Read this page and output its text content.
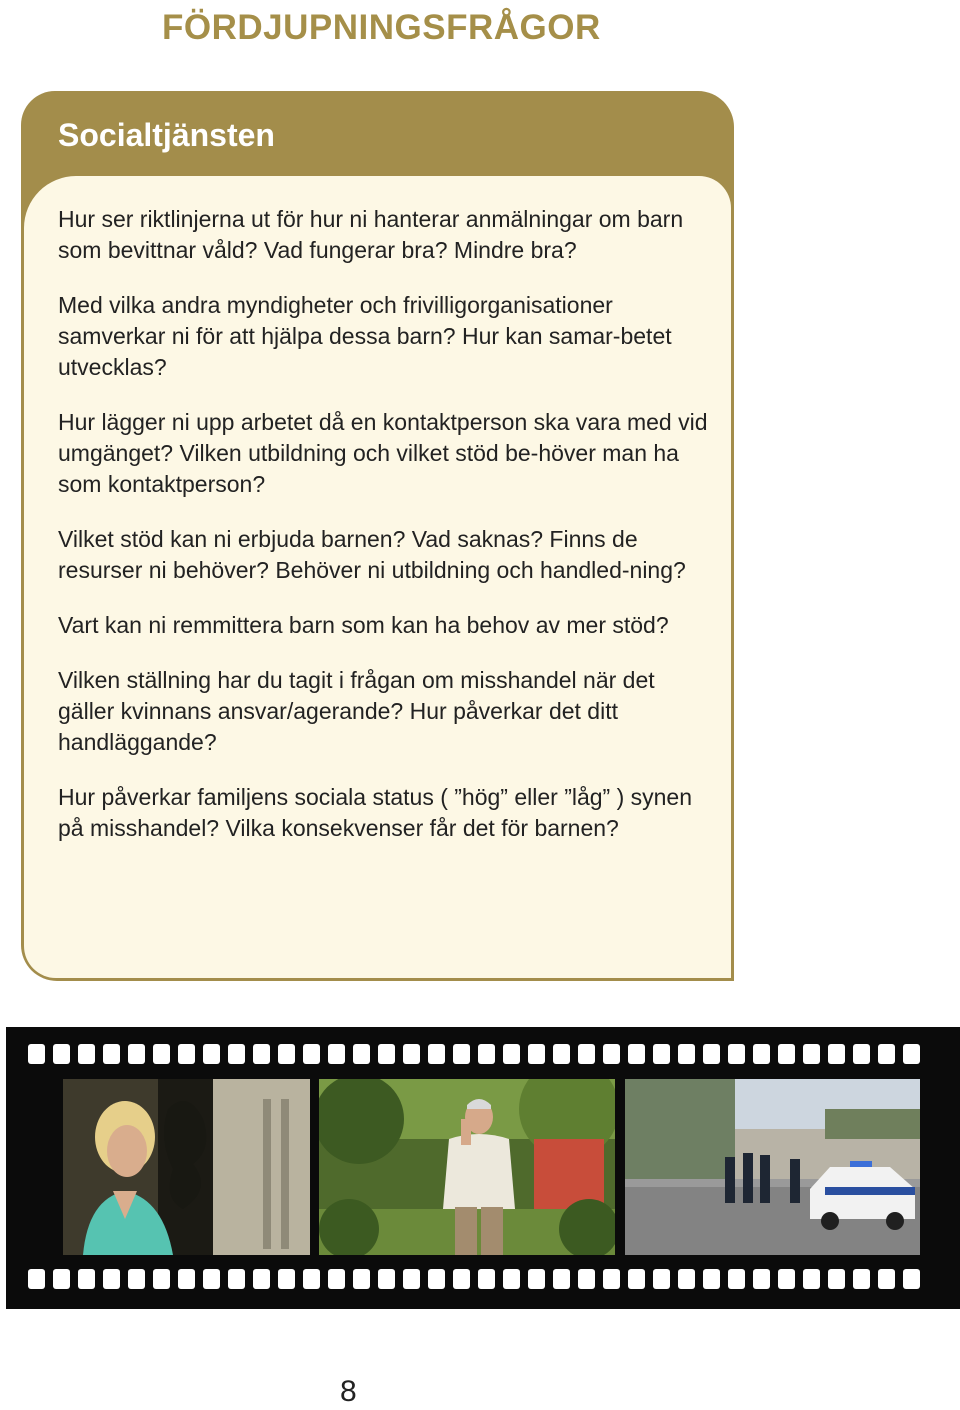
FÖRDJUPNINGSFRÅGOR
Socialtjänsten

Hur ser riktlinjerna ut för hur ni hanterar anmälningar om barn som bevittnar våld? Vad fungerar bra? Mindre bra?

Med vilka andra myndigheter och frivilligorganisationer samverkar ni för att hjälpa dessa barn? Hur kan samar-betet utvecklas?

Hur lägger ni upp arbetet då en kontaktperson ska vara med vid umgänget? Vilken utbildning och vilket stöd be-höver man ha som kontaktperson?

Vilket stöd kan ni erbjuda barnen? Vad saknas? Finns de resurser ni behöver? Behöver ni utbildning och handled-ning?

Vart kan ni remmittera barn som kan ha behov av mer stöd?

Vilken ställning har du tagit i frågan om misshandel när det gäller kvinnans ansvar/agerande? Hur påverkar det ditt handläggande?

Hur påverkar familjens sociala status ( ”hög” eller ”låg” ) synen på misshandel? Vilka konsekvenser får det för barnen?

8
